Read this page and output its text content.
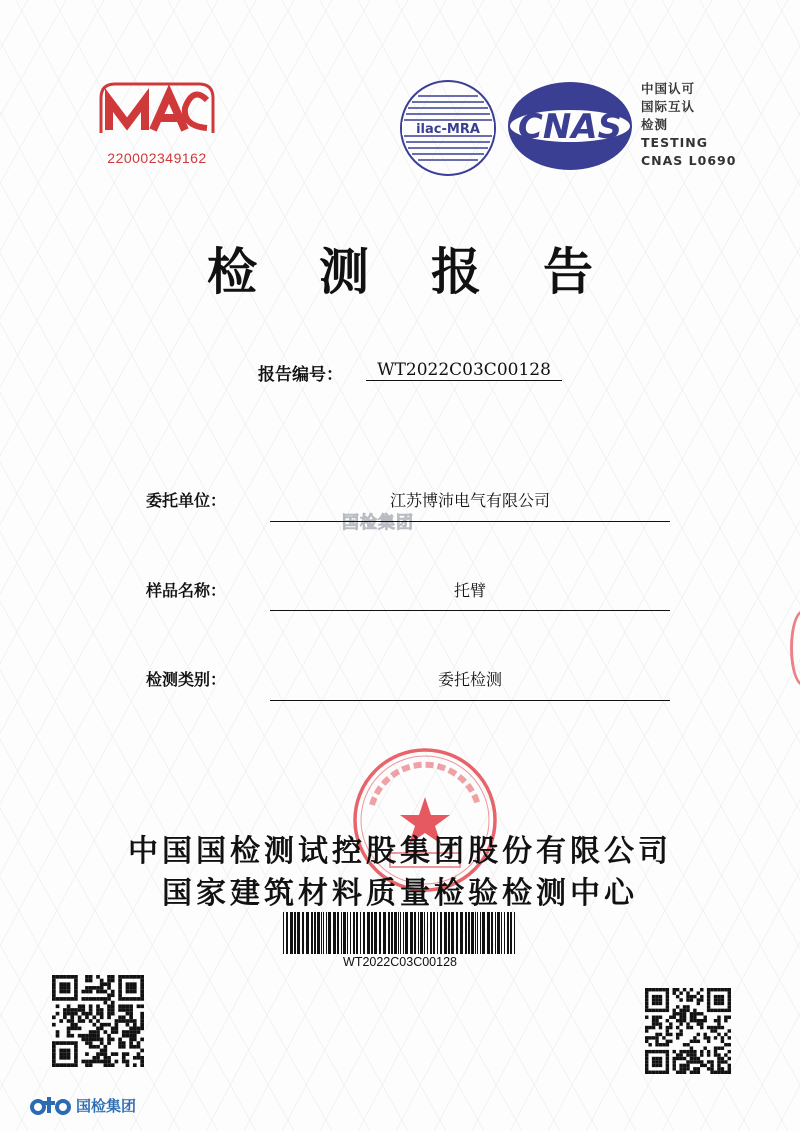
220002349162
ilac-MRA CNAS
中国认可
国际互认
检测
TESTING
CNAS L0690
检测报告
报告编号：	WT2022C03C00128
国检集团
委托单位：	江苏博沛电气有限公司
样品名称：	托臂
检测类别：	委托检测
中国国检测试控股集团股份有限公司
国家建筑材料质量检验检测中心
WT2022C03C00128
国检集团
